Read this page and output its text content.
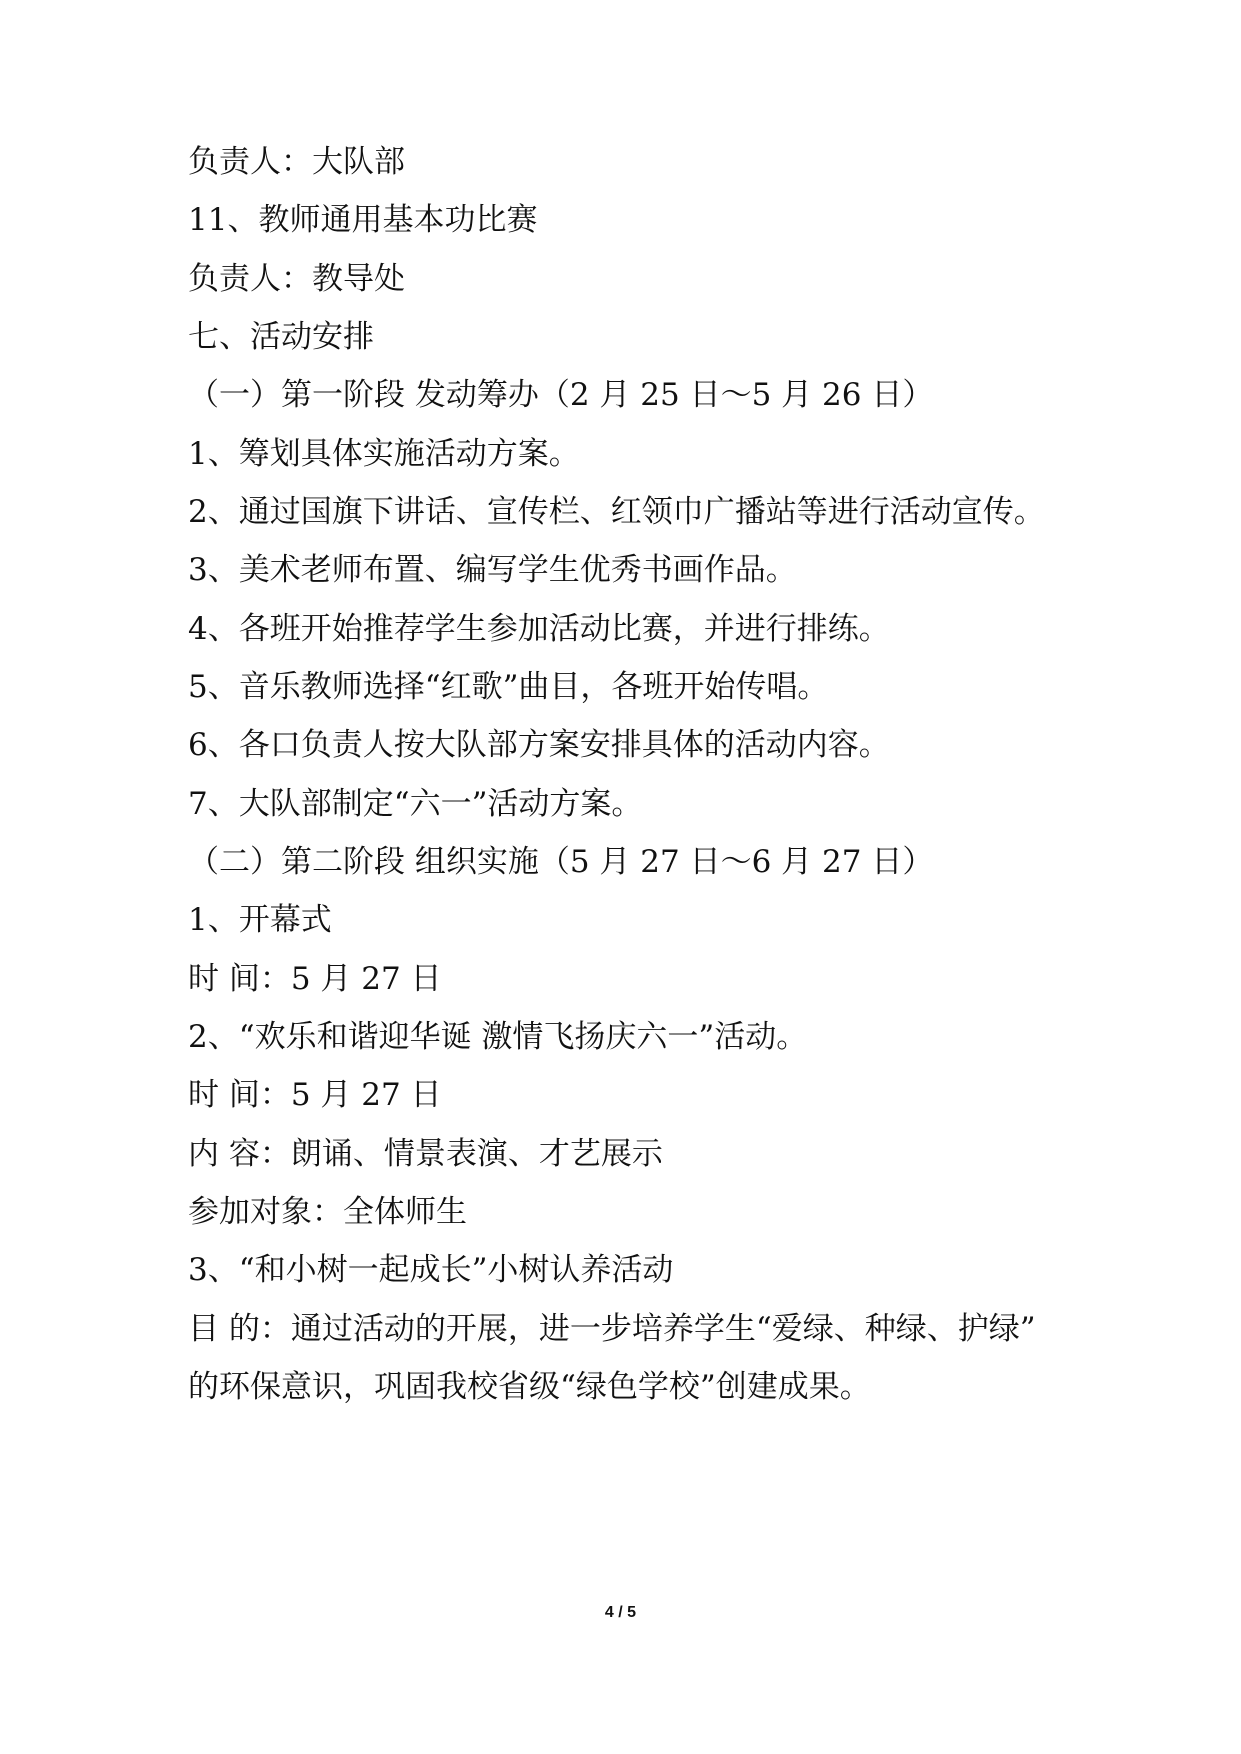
负责人：大队部

11、教师通用基本功比赛

负责人：教导处

七、活动安排

（一）第一阶段 发动筹办（2 月 25 日～5 月 26 日）

1、筹划具体实施活动方案。

2、通过国旗下讲话、宣传栏、红领巾广播站等进行活动宣传。

3、美术老师布置、编写学生优秀书画作品。

4、各班开始推荐学生参加活动比赛，并进行排练。

5、音乐教师选择“红歌”曲目，各班开始传唱。

6、各口负责人按大队部方案安排具体的活动内容。

7、大队部制定“六一”活动方案。

（二）第二阶段 组织实施（5 月 27 日～6 月 27 日）

1、开幕式

时 间：5 月 27 日

2、“欢乐和谐迎华诞 激情飞扬庆六一”活动。

时 间：5 月 27 日

内 容：朗诵、情景表演、才艺展示

参加对象：全体师生

3、“和小树一起成长”小树认养活动

目 的：通过活动的开展，进一步培养学生“爱绿、种绿、护绿”

的环保意识，巩固我校省级“绿色学校”创建成果。

4 / 5
